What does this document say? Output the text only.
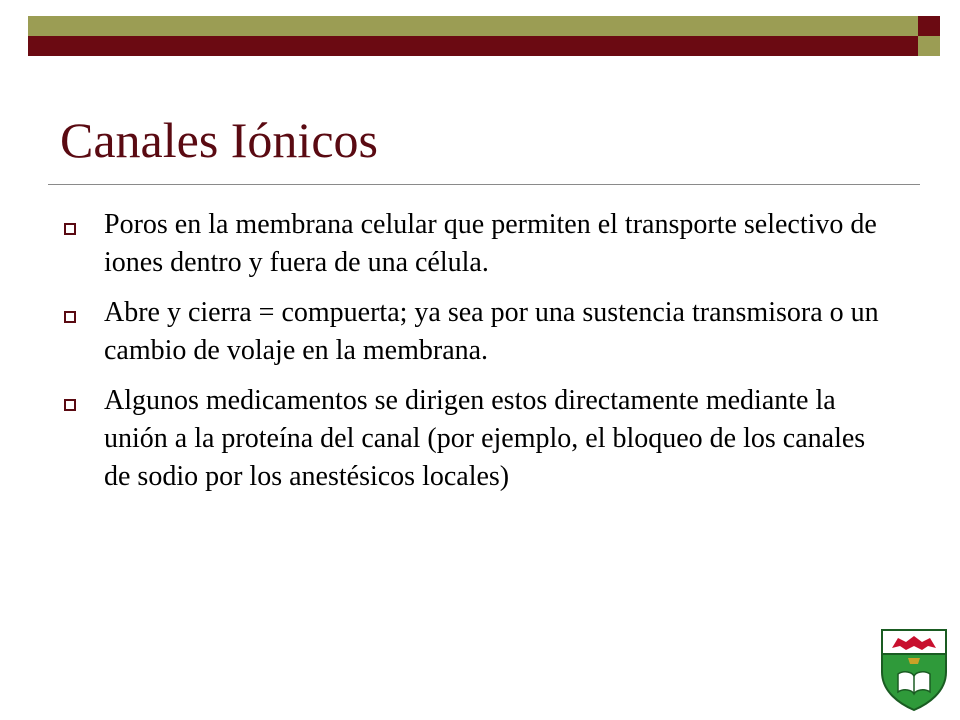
Canales Iónicos
Poros en la membrana celular que permiten el transporte selectivo de iones dentro y fuera de una célula.
Abre y cierra = compuerta; ya sea por una sustencia transmisora o un cambio de volaje en la membrana.
Algunos medicamentos se dirigen estos directamente mediante la unión a la proteína del canal (por ejemplo, el bloqueo de los canales de sodio por los anestésicos locales)
